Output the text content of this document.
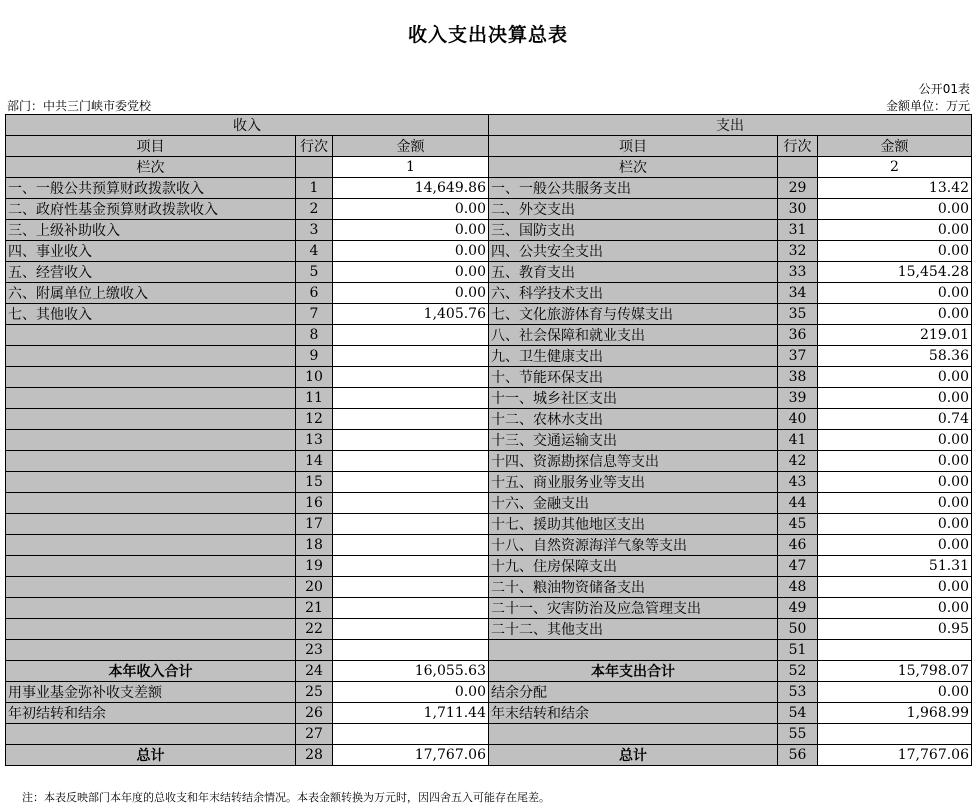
收入支出决算总表
公开01表
部门：中共三门峡市委党校	金额单位：万元
收入			支出		
项目	行次	金额	项目	行次	金额
栏次		1	栏次		2
一、一般公共预算财政拨款收入	1	14,649.86	一、一般公共服务支出	29	13.42
二、政府性基金预算财政拨款收入	2	0.00	二、外交支出	30	0.00
三、上级补助收入	3	0.00	三、国防支出	31	0.00
四、事业收入	4	0.00	四、公共安全支出	32	0.00
五、经营收入	5	0.00	五、教育支出	33	15,454.28
六、附属单位上缴收入	6	0.00	六、科学技术支出	34	0.00
七、其他收入	7	1,405.76	七、文化旅游体育与传媒支出	35	0.00
	8		八、社会保障和就业支出	36	219.01
	9		九、卫生健康支出	37	58.36
	10		十、节能环保支出	38	0.00
	11		十一、城乡社区支出	39	0.00
	12		十二、农林水支出	40	0.74
	13		十三、交通运输支出	41	0.00
	14		十四、资源勘探信息等支出	42	0.00
	15		十五、商业服务业等支出	43	0.00
	16		十六、金融支出	44	0.00
	17		十七、援助其他地区支出	45	0.00
	18		十八、自然资源海洋气象等支出	46	0.00
	19		十九、住房保障支出	47	51.31
	20		二十、粮油物资储备支出	48	0.00
	21		二十一、灾害防治及应急管理支出	49	0.00
	22		二十二、其他支出	50	0.95
	23			51	
本年收入合计	24	16,055.63	本年支出合计	52	15,798.07
用事业基金弥补收支差额	25	0.00	结余分配	53	0.00
年初结转和结余	26	1,711.44	年末结转和结余	54	1,968.99
	27			55	
总计	28	17,767.06	总计	56	17,767.06
注：本表反映部门本年度的总收支和年末结转结余情况。本表金额转换为万元时，因四舍五入可能存在尾差。
